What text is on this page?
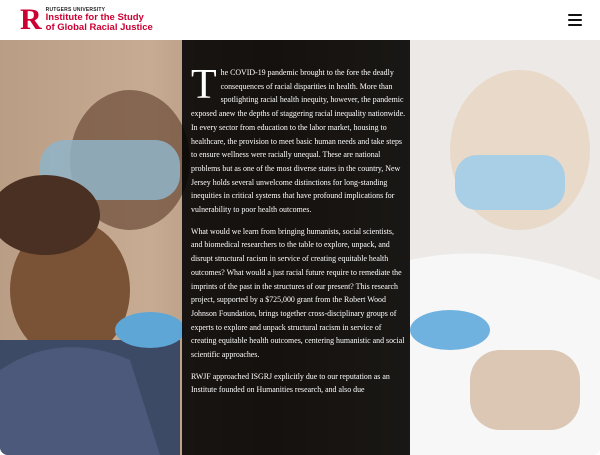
R RUTGERS UNIVERSITY
Institute for the Study
of Global Racial Justice

The COVID-19 pandemic brought to the fore the deadly consequences of racial disparities in health. More than spotlighting racial health inequity, however, the pandemic exposed anew the depths of staggering racial inequality nationwide. In every sector from education to the labor market, housing to healthcare, the provision to meet basic human needs and take steps to ensure wellness were racially unequal. These are national problems but as one of the most diverse states in the country, New Jersey holds several unwelcome distinctions for long-standing inequities in critical systems that have profound implications for vulnerability to poor health outcomes.

What would we learn from bringing humanists, social scientists, and biomedical researchers to the table to explore, unpack, and disrupt structural racism in service of creating equitable health outcomes? What would a just racial future require to remediate the imprints of the past in the structures of our present? This research project, supported by a $725,000 grant from the Robert Wood Johnson Foundation, brings together cross-disciplinary groups of experts to explore and unpack structural racism in service of creating equitable health outcomes, centering humanistic and social scientific approaches.

RWJF approached ISGRJ explicitly due to our reputation as an Institute founded on Humanities research, and also due
